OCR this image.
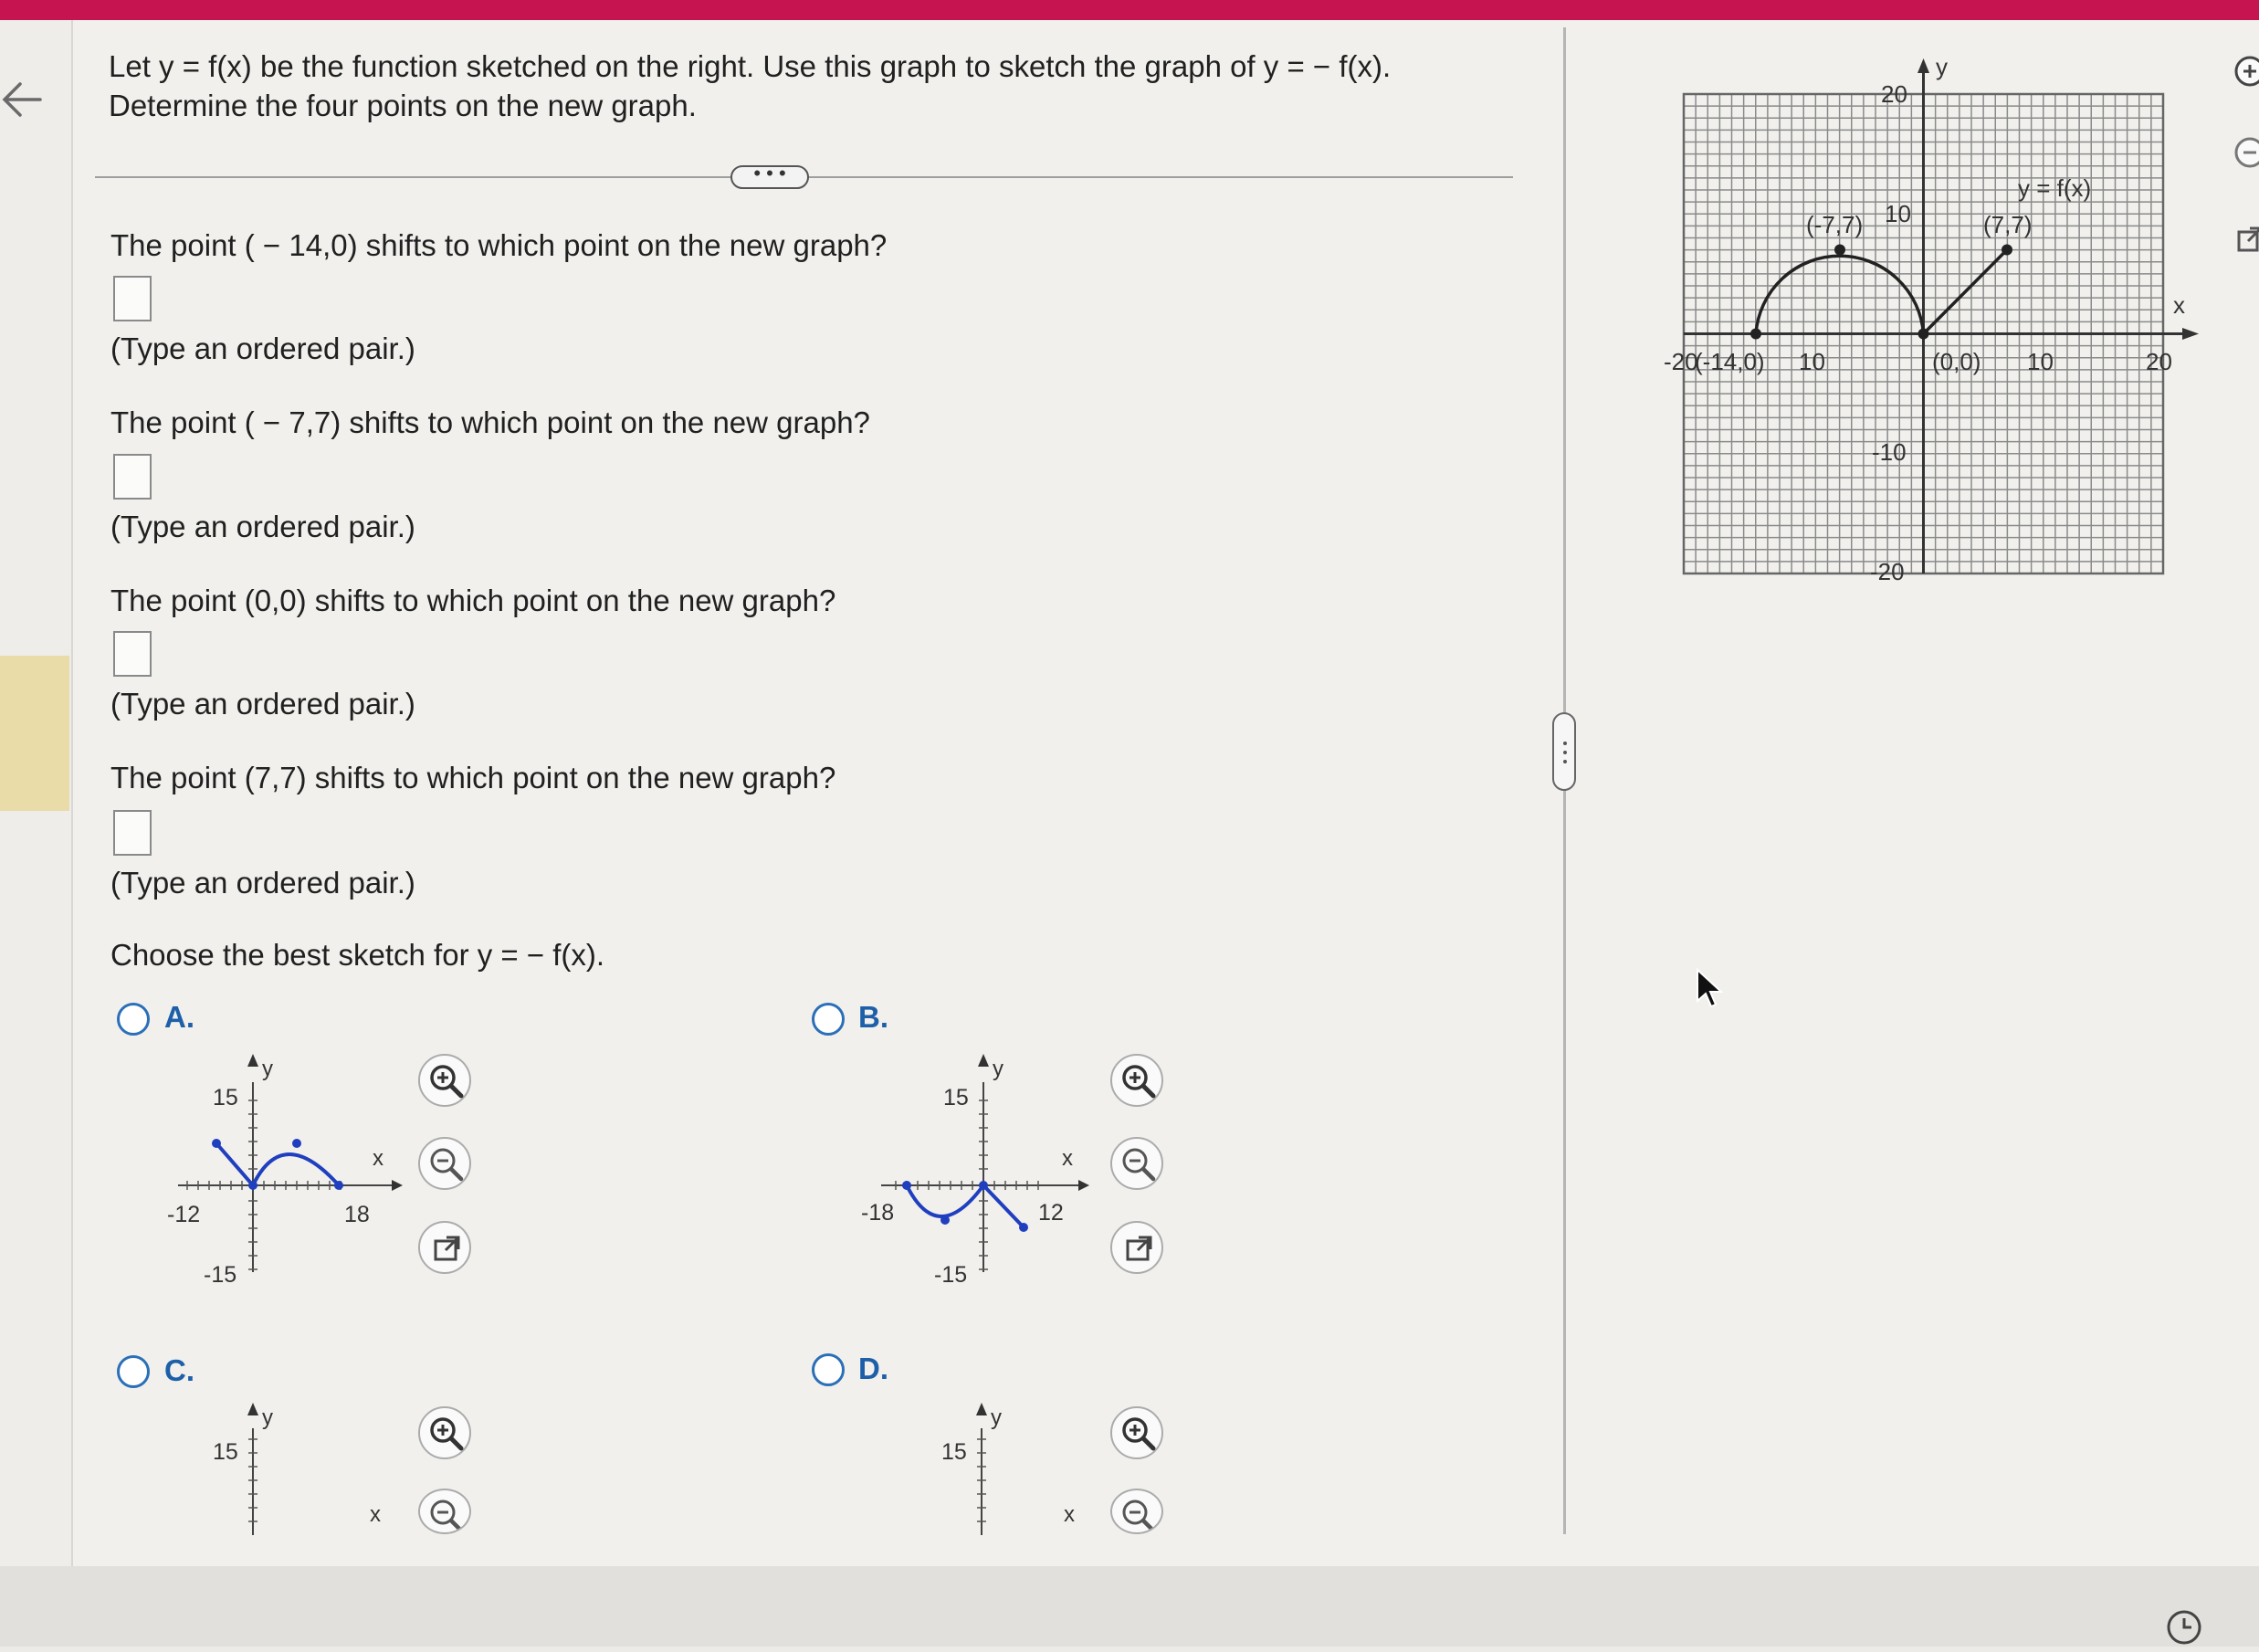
Let y = f(x) be the function sketched on the right. Use this graph to sketch the graph of y = − f(x).
Determine the four points on the new graph.
• • •
The point ( − 14,0) shifts to which point on the new graph?
(Type an ordered pair.)
The point ( − 7,7) shifts to which point on the new graph?
(Type an ordered pair.)
The point (0,0) shifts to which point on the new graph?
(Type an ordered pair.)
The point (7,7) shifts to which point on the new graph?
(Type an ordered pair.)
Choose the best sketch for y = − f(x).
A.
y
x
15
-15
-12	18
B.
y
x
15
-15
-18	12
C.
y
x
15
D.
y
x
15
y
x
20
10
-10
-20
-20	10	10	20
y = f(x)
(-14,0)
(-7,7)
(0,0)
(7,7)
